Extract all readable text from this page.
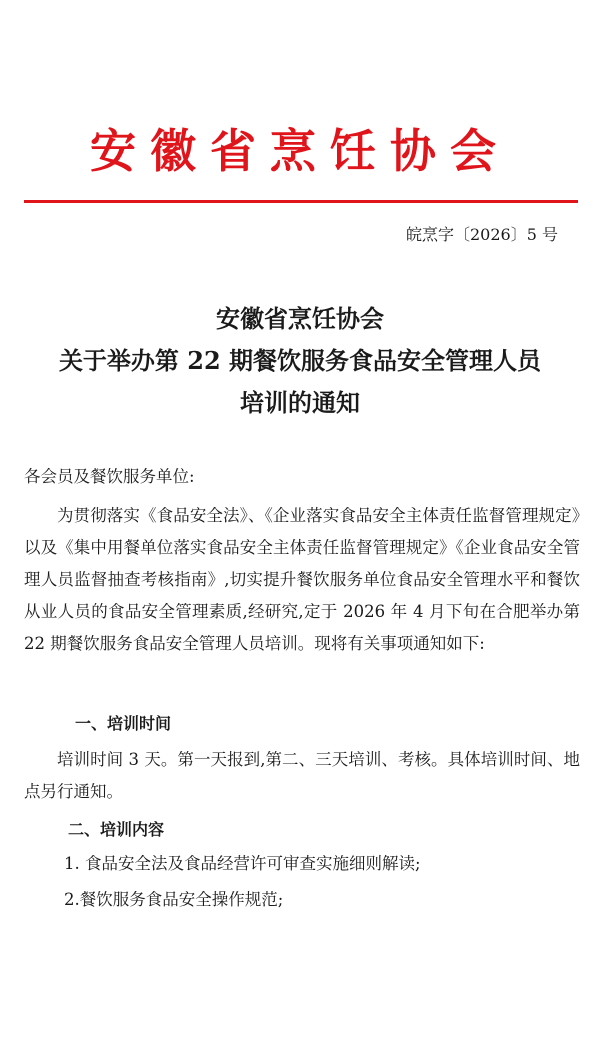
安徽省烹饪协会

皖烹字〔2026〕5 号

安徽省烹饪协会
关于举办第 22 期餐饮服务食品安全管理人员
培训的通知

各会员及餐饮服务单位:

为贯彻落实《食品安全法》、《企业落实食品安全主体责任监督管理规定》以及《集中用餐单位落实食品安全主体责任监督管理规定》《企业食品安全管理人员监督抽查考核指南》,切实提升餐饮服务单位食品安全管理水平和餐饮从业人员的食品安全管理素质,经研究,定于 2026 年 4 月下旬在合肥举办第 22 期餐饮服务食品安全管理人员培训。现将有关事项通知如下:

一、培训时间

培训时间 3 天。第一天报到,第二、三天培训、考核。具体培训时间、地点另行通知。

二、培训内容

1. 食品安全法及食品经营许可审查实施细则解读;

2.餐饮服务食品安全操作规范;
